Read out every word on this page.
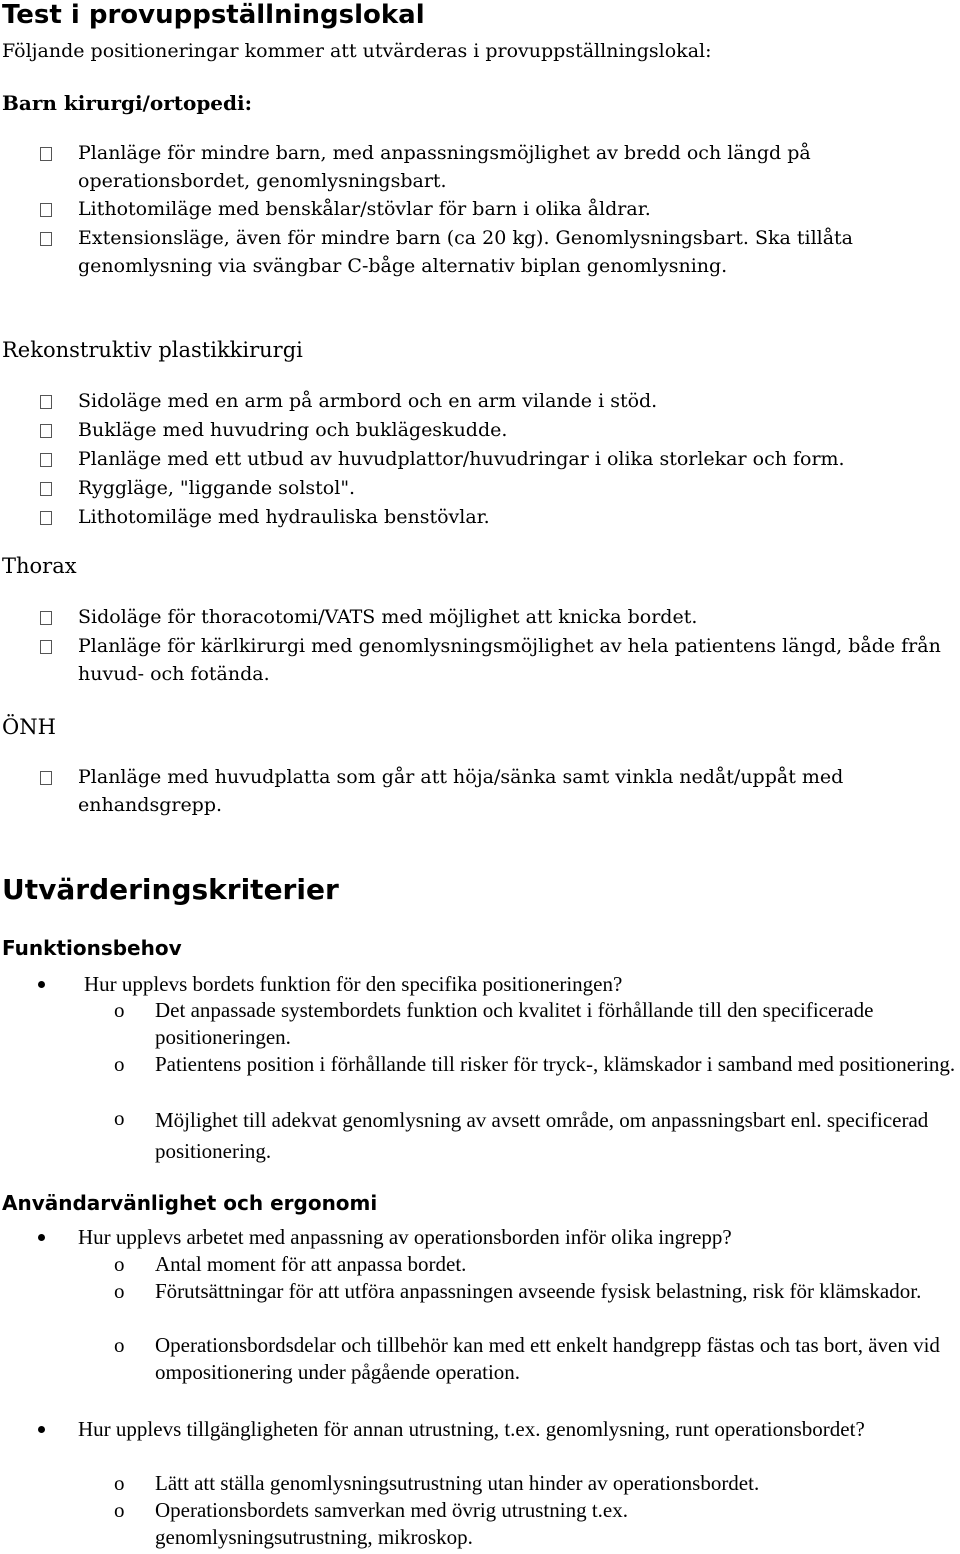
Test i provuppställningslokal
Följande positioneringar kommer att utvärderas i provuppställningslokal:
Barn kirurgi/ortopedi:
Planläge för mindre barn, med anpassningsmöjlighet av bredd och längd på operationsbordet, genomlysningsbart.
Lithotomiläge med benskålar/stövlar för barn i olika åldrar.
Extensionsläge, även för mindre barn (ca 20 kg). Genomlysningsbart. Ska tillåta genomlysning via svängbar C-båge alternativ biplan genomlysning.
Rekonstruktiv plastikkirurgi
Sidoläge med en arm på armbord och en arm vilande i stöd.
Bukläge med huvudring och buklägeskudde.
Planläge med ett utbud av huvudplattor/huvudringar i olika storlekar och form.
Ryggläge, "liggande solstol".
Lithotomiläge med hydrauliska benstövlar.
Thorax
Sidoläge för thoracotomi/VATS med möjlighet att knicka bordet.
Planläge för kärlkirurgi med genomlysningsmöjlighet av hela patientens längd, både från huvud- och fotända.
ÖNH
Planläge med huvudplatta som går att höja/sänka samt vinkla nedåt/uppåt med enhandsgrepp.
Utvärderingskriterier
Funktionsbehov
Hur upplevs bordets funktion för den specifika positioneringen?
o Det anpassade systembordets funktion och kvalitet i förhållande till den specificerade positioneringen.
o Patientens position i förhållande till risker för tryck-, klämskador i samband med positionering.
o Möjlighet till adekvat genomlysning av avsett område, om anpassningsbart enl. specificerad positionering.
Användarvänlighet och ergonomi
Hur upplevs arbetet med anpassning av operationsborden inför olika ingrepp?
o Antal moment för att anpassa bordet.
o Förutsättningar för att utföra anpassningen avseende fysisk belastning, risk för klämskador.
o Operationsbordsdelar och tillbehör kan med ett enkelt handgrepp fästas och tas bort, även vid ompositionering under pågående operation.
Hur upplevs tillgängligheten för annan utrustning, t.ex. genomlysning, runt operationsbordet?
o Lätt att ställa genomlysningsutrustning utan hinder av operationsbordet.
o Operationsbordets samverkan med övrig utrustning t.ex. genomlysningsutrustning, mikroskop.
